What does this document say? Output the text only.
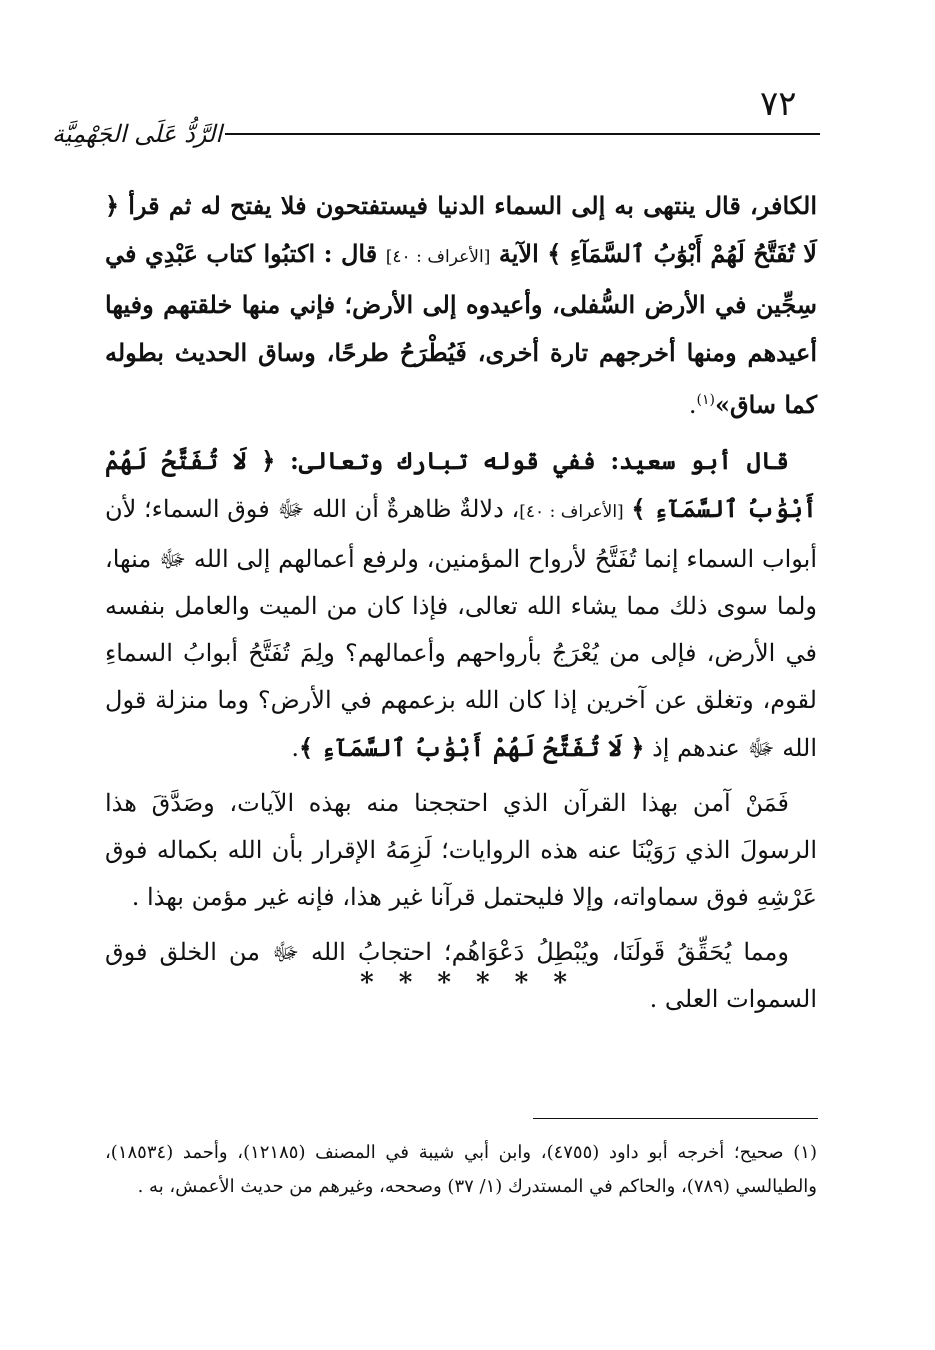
٧٢
الرَّدُّ عَلَى الجَهْمِيَّة

الكافر، قال ينتهى به إلى السماء الدنيا فيستفتحون فلا يفتح له ثم قرأ ﴿ لَا تُفَتَّحُ لَهُمْ أَبْوَٰبُ ٱلسَّمَآءِ ﴾ الآية [الأعراف : ٤٠] قال : اكتبُوا كتاب عَبْدِي في سِجِّين في الأرض السُّفلى، وأعيدوه إلى الأرض؛ فإني منها خلقتهم وفيها أعيدهم ومنها أخرجهم تارة أخرى، فَيُطْرَحُ طرحًا، وساق الحديث بطوله كما ساق»$^{(١)}$.

قال أبو سعيد: ففي قوله تبارك وتعالى: ﴿ لَا تُفَتَّحُ لَهُمْ أَبْوَٰبُ ٱلسَّمَآءِ ﴾ [الأعراف : ٤٠]، دلالةٌ ظاهرةٌ أن الله ﷻ فوق السماء؛ لأن أبواب السماء إنما تُفَتَّحُ لأرواح المؤمنين، ولرفع أعمالهم إلى الله ﷻ منها، ولما سوى ذلك مما يشاء الله تعالى، فإذا كان من الميت والعامل بنفسه في الأرض، فإلى من يُعْرَجُ بأرواحهم وأعمالهم؟ ولِمَ تُفَتَّحُ أبوابُ السماءِ لقوم، وتغلق عن آخرين إذا كان الله بزعمهم في الأرض؟ وما منزلة قول الله ﷻ عندهم إذ ﴿ لَا تُفَتَّحُ لَهُمْ أَبْوَٰبُ ٱلسَّمَآءِ ﴾.

فَمَنْ آمن بهذا القرآن الذي احتججنا منه بهذه الآيات، وصَدَّقَ هذا الرسولَ الذي رَوَيْنَا عنه هذه الروايات؛ لَزِمَهُ الإقرار بأن الله بكماله فوق عَرْشِهِ فوق سماواته، وإلا فليحتمل قرآنا غير هذا، فإنه غير مؤمن بهذا .

ومما يُحَقِّقُ قَولَنَا، ويُبْطِلُ دَعْوَاهُم؛ احتجابُ الله ﷻ من الخلق فوق السموات العلى .

* * * * * *

(١) صحيح؛ أخرجه أبو داود (٤٧٥٥)، وابن أبي شيبة في المصنف (١٢١٨٥)، وأحمد (١٨٥٣٤)، والطيالسي (٧٨٩)، والحاكم في المستدرك (١/ ٣٧) وصححه، وغيرهم من حديث الأعمش، به .
